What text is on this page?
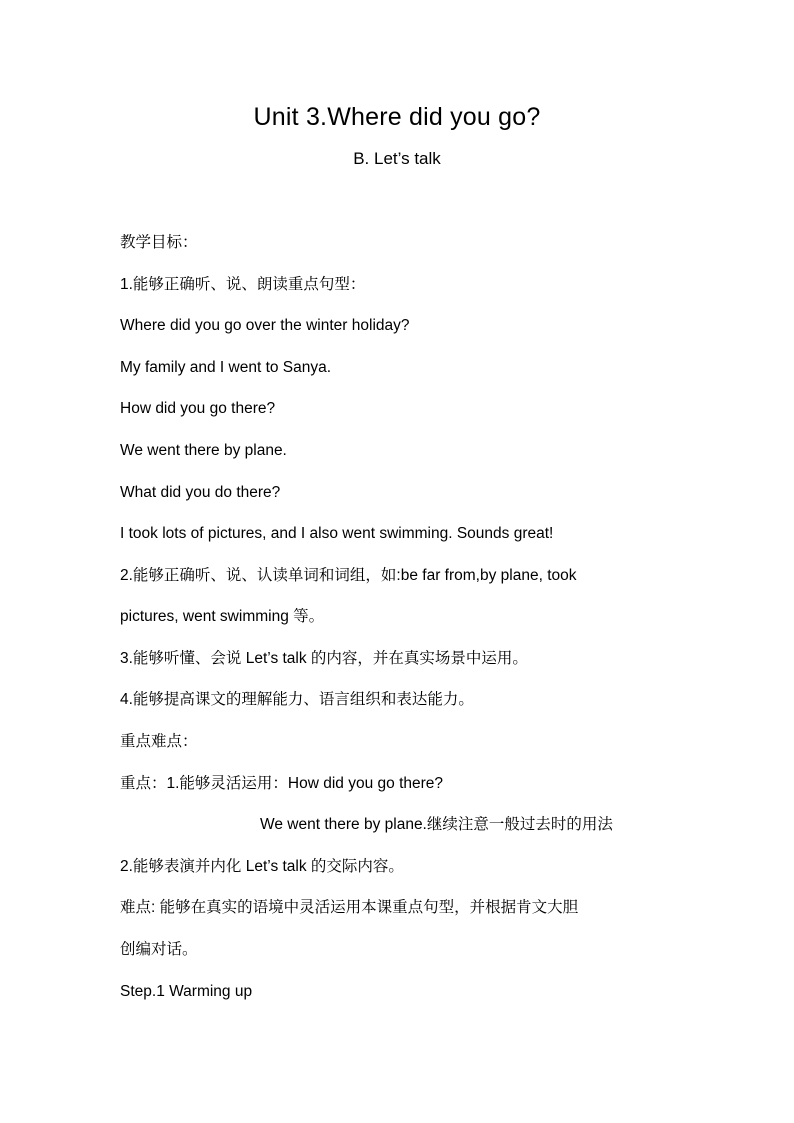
Unit 3.Where did you go?
B. Let’s talk
教学目标：
1.能够正确听、说、朗读重点句型：
Where did you go over the winter holiday?
My family and I went to Sanya.
How did you go there?
We went there by plane.
What did you do there?
I took lots of pictures, and I also went swimming. Sounds great!
2.能够正确听、说、认读单词和词组，如:be far from,by plane, took
pictures, went swimming 等。
3.能够听懂、会说 Let’s talk 的内容，并在真实场景中运用。
4.能够提高课文的理解能力、语言组织和表达能力。
重点难点：
重点：1.能够灵活运用：How did you go there?
We went there by plane.继续注意一般过去时的用法
2.能够表演并内化 Let’s talk 的交际内容。
难点: 能够在真实的语境中灵活运用本课重点句型，并根据肯文大胆
创编对话。
Step.1 Warming up
